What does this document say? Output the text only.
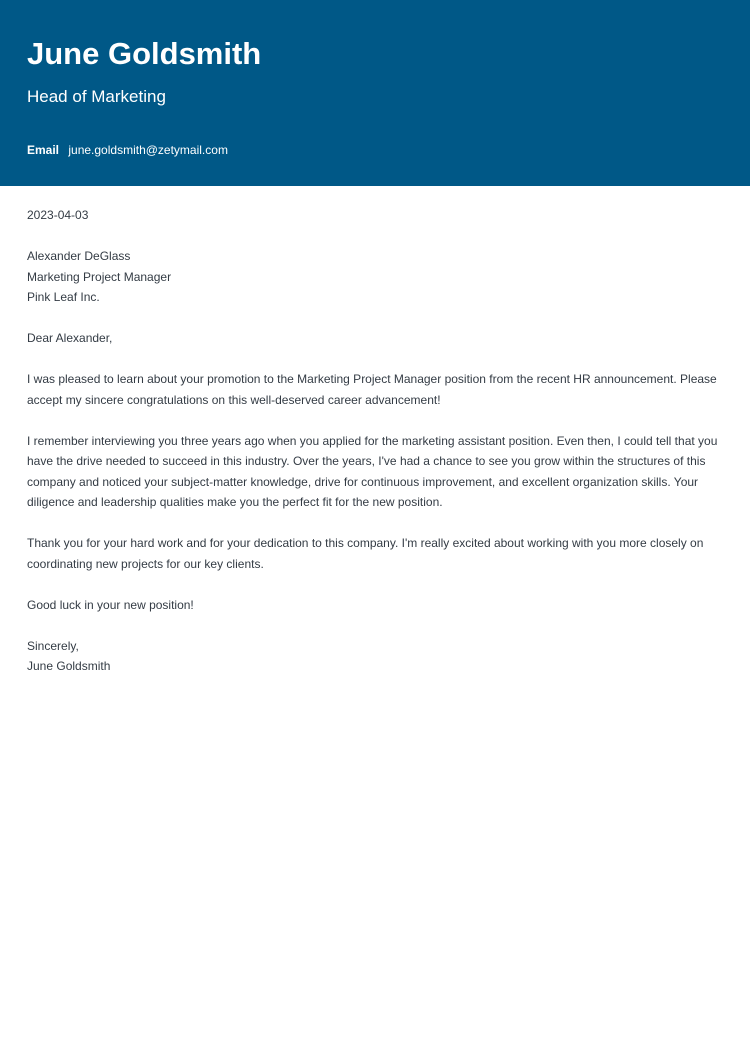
June Goldsmith
Head of Marketing
Email june.goldsmith@zetymail.com
2023-04-03
Alexander DeGlass
Marketing Project Manager
Pink Leaf Inc.

Dear Alexander,

I was pleased to learn about your promotion to the Marketing Project Manager position from the recent HR announcement. Please accept my sincere congratulations on this well-deserved career advancement!

I remember interviewing you three years ago when you applied for the marketing assistant position. Even then, I could tell that you have the drive needed to succeed in this industry. Over the years, I've had a chance to see you grow within the structures of this company and noticed your subject-matter knowledge, drive for continuous improvement, and excellent organization skills. Your diligence and leadership qualities make you the perfect fit for the new position.

Thank you for your hard work and for your dedication to this company. I'm really excited about working with you more closely on coordinating new projects for our key clients.

Good luck in your new position!

Sincerely,
June Goldsmith
